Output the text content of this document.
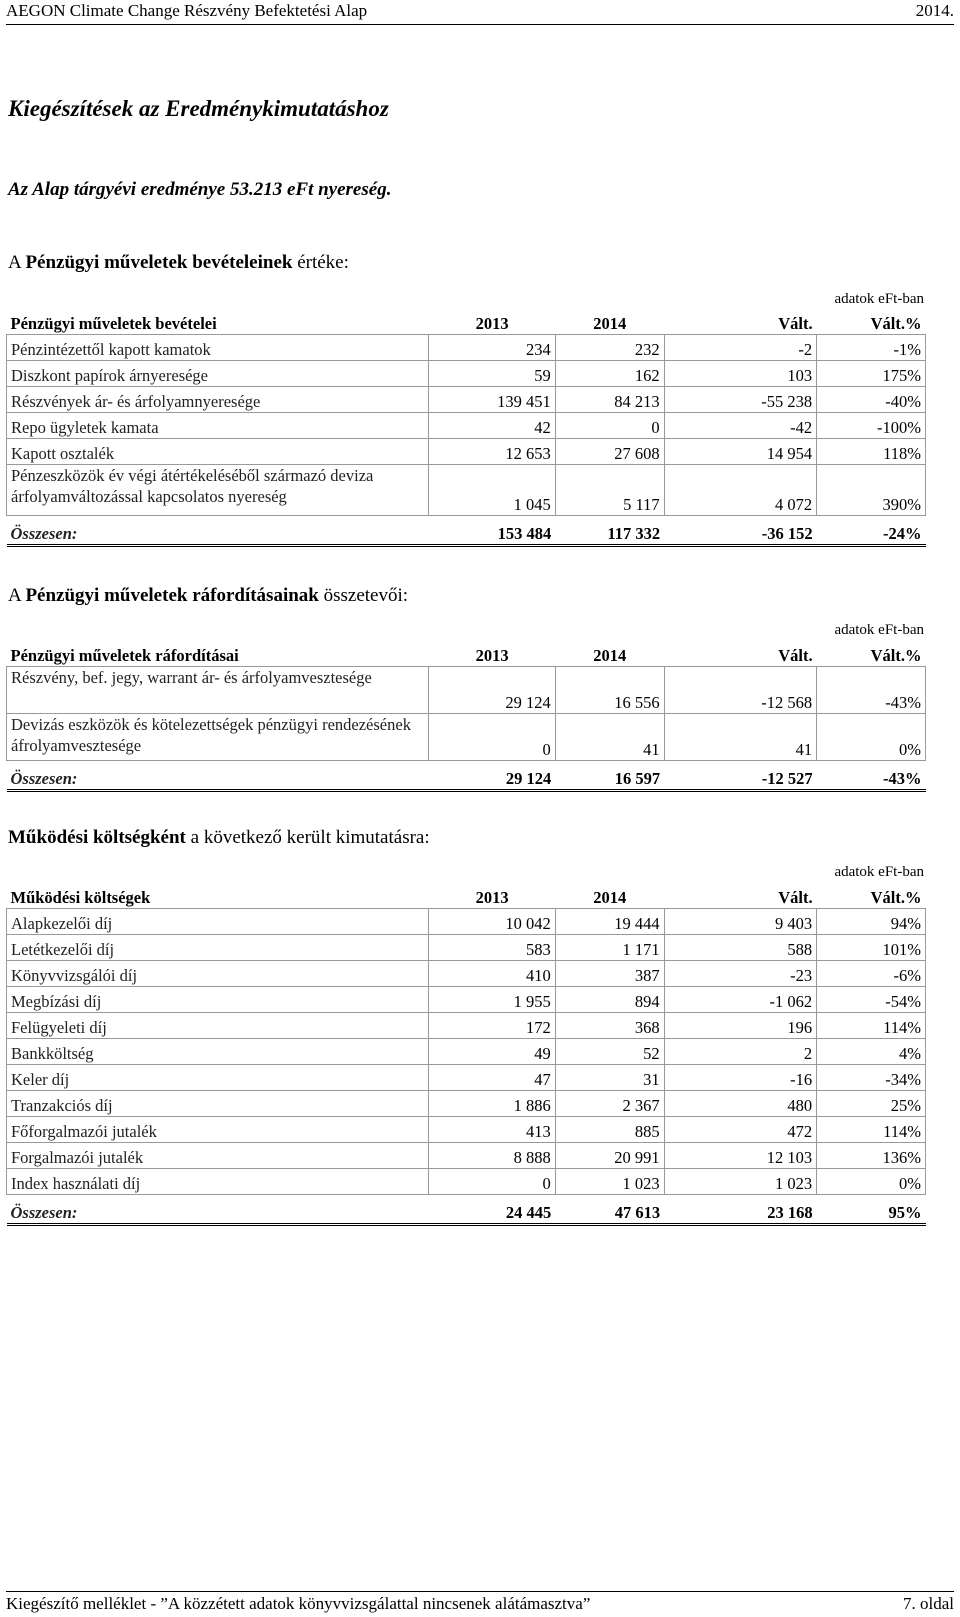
AEGON Climate Change Részvény Befektetési Alap	2014.
Kiegészítések az Eredménykimutatáshoz
Az Alap tárgyévi eredménye 53.213 eFt nyereség.
A Pénzügyi műveletek bevételeinek értéke:
adatok eFt-ban
Pénzügyi műveletek bevételei	2013	2014	Vált.	Vált.%
Pénzintézettől kapott kamatok	234	232	-2	-1%
Diszkont papírok árnyeresége	59	162	103	175%
Részvények ár- és árfolyamnyeresége	139 451	84 213	-55 238	-40%
Repo ügyletek kamata	42	0	-42	-100%
Kapott osztalék	12 653	27 608	14 954	118%
Pénzeszközök év végi átértékeléséből származó deviza árfolyamváltozással kapcsolatos nyereség	1 045	5 117	4 072	390%
Összesen:	153 484	117 332	-36 152	-24%
A Pénzügyi műveletek ráfordításainak összetevői:
adatok eFt-ban
Pénzügyi műveletek ráfordításai	2013	2014	Vált.	Vált.%
Részvény, bef. jegy, warrant ár- és árfolyamvesztesége	29 124	16 556	-12 568	-43%
Devizás eszközök és kötelezettségek pénzügyi rendezésének áfrolyamvesztesége	0	41	41	0%
Összesen:	29 124	16 597	-12 527	-43%
Működési költségként a következő került kimutatásra:
adatok eFt-ban
Működési költségek	2013	2014	Vált.	Vált.%
Alapkezelői díj	10 042	19 444	9 403	94%
Letétkezelői díj	583	1 171	588	101%
Könyvvizsgálói díj	410	387	-23	-6%
Megbízási díj	1 955	894	-1 062	-54%
Felügyeleti díj	172	368	196	114%
Bankköltség	49	52	2	4%
Keler díj	47	31	-16	-34%
Tranzakciós díj	1 886	2 367	480	25%
Főforgalmazói jutalék	413	885	472	114%
Forgalmazói jutalék	8 888	20 991	12 103	136%
Index használati díj	0	1 023	1 023	0%
Összesen:	24 445	47 613	23 168	95%
Kiegészítő melléklet - ”A közzétett adatok könyvvizsgálattal nincsenek alátámasztva”	7. oldal
